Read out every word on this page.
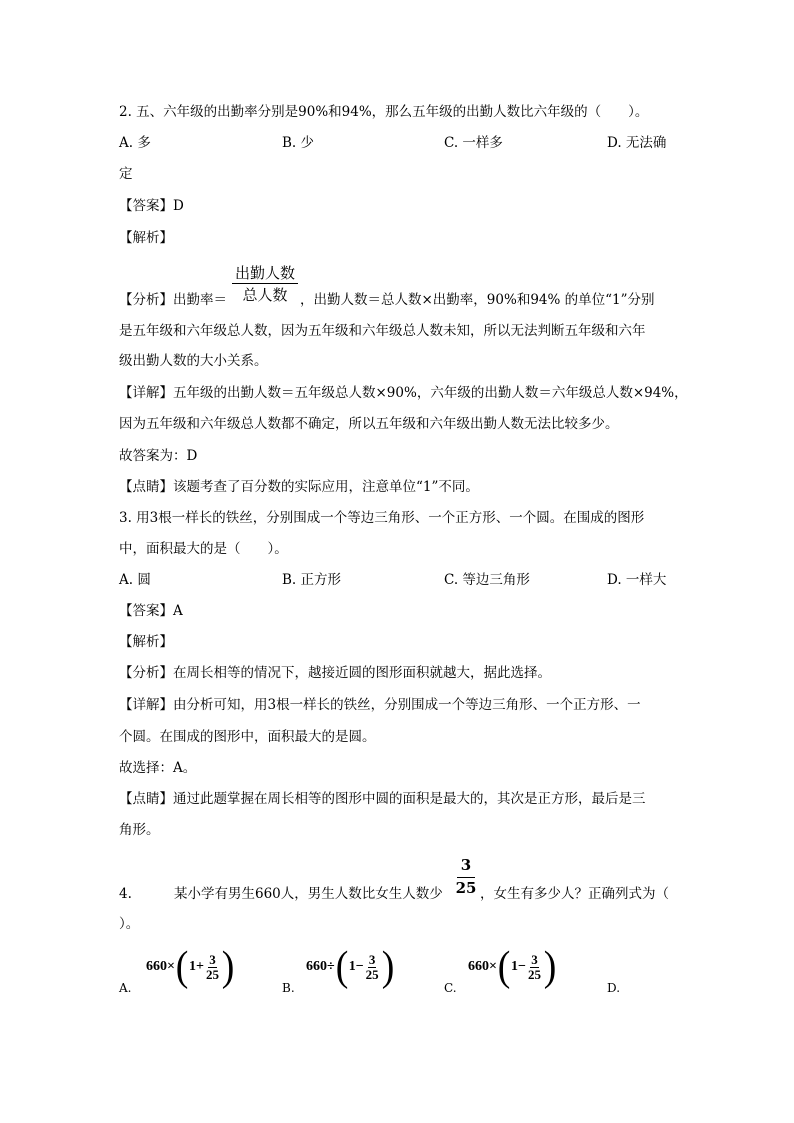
2. 五、六年级的出勤率分别是90%和94%，那么五年级的出勤人数比六年级的（　　）。
A. 多	B. 少	C. 一样多	D. 无法确
定
【答案】D
【解析】
出勤人数
总人数
【分析】出勤率＝	，出勤人数＝总人数×出勤率，90%和94% 的单位“1”分别
是五年级和六年级总人数，因为五年级和六年级总人数未知，所以无法判断五年级和六年
级出勤人数的大小关系。
【详解】五年级的出勤人数＝五年级总人数×90%，六年级的出勤人数＝六年级总人数×94%，
因为五年级和六年级总人数都不确定，所以五年级和六年级出勤人数无法比较多少。
故答案为：D
【点睛】该题考查了百分数的实际应用，注意单位“1”不同。
3. 用3根一样长的铁丝，分别围成一个等边三角形、一个正方形、一个圆。在围成的图形
中，面积最大的是（　　）。
A. 圆	B. 正方形	C. 等边三角形	D. 一样大
【答案】A
【解析】
【分析】在周长相等的情况下，越接近圆的图形面积就越大，据此选择。
【详解】由分析可知，用3根一样长的铁丝，分别围成一个等边三角形、一个正方形、一
个圆。在围成的图形中，面积最大的是圆。
故选择：A。
【点睛】通过此题掌握在周长相等的图形中圆的面积是最大的，其次是正方形，最后是三
角形。
4.	某小学有男生660人，男生人数比女生人数少
3
25 ，女生有多少人？正确列式为（
）。
660 × ( $1+ \frac{3}{25}$ )
A.
660 ÷ ( $1- \frac{3}{25}$ )
B.
660 × ( $1- \frac{3}{25}$ )
C.	D.
